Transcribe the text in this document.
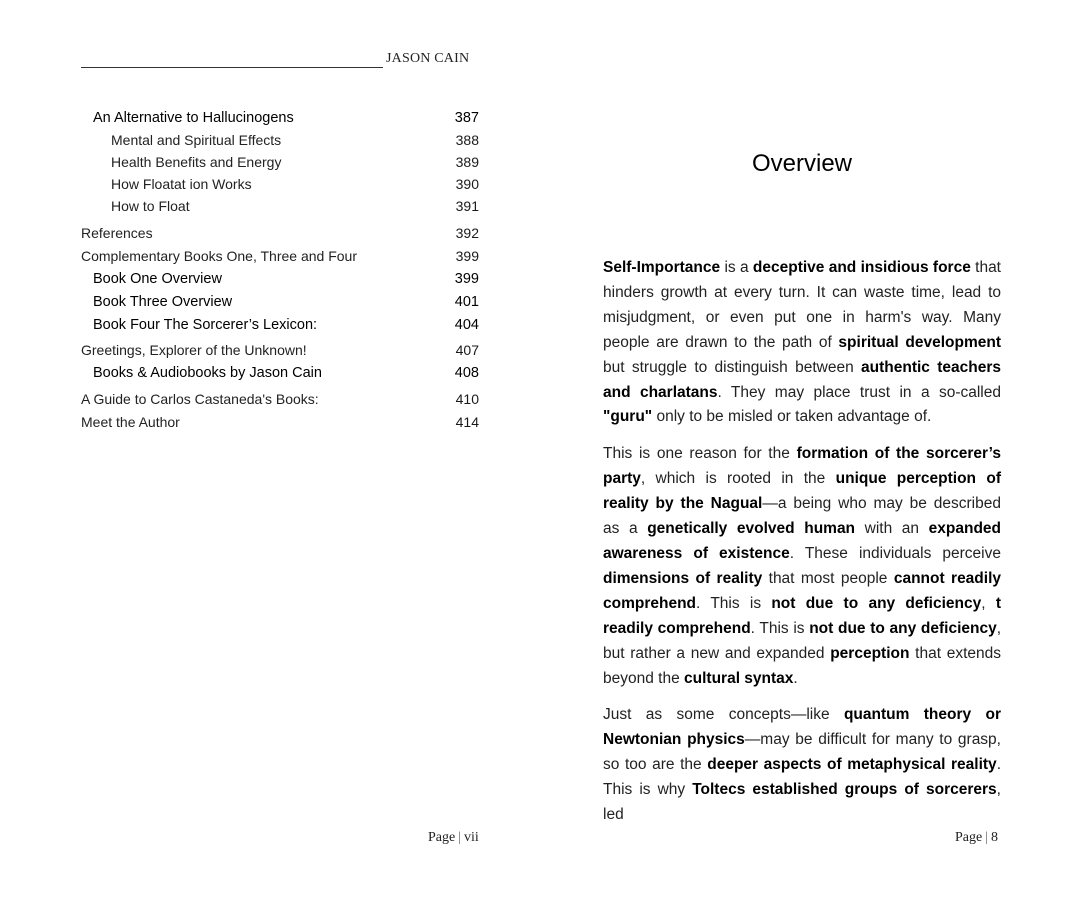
JASON CAIN
An Alternative to Hallucinogens	387
Mental and Spiritual Effects	388
Health Benefits and Energy	389
How Floatat ion Works	390
How to Float	391
References	392
Complementary Books One, Three and Four	399
Book One Overview	399
Book Three Overview	401
Book Four The Sorcerer’s Lexicon:	404
Greetings, Explorer of the Unknown!	407
Books & Audiobooks by Jason Cain	408
A Guide to Carlos Castaneda's Books:	410
Meet the Author	414
Page | vii
Overview

Self-Importance is a deceptive and insidious force that hinders growth at every turn. It can waste time, lead to misjudgment, or even put one in harm's way. Many people are drawn to the path of spiritual development but struggle to distinguish between authentic teachers and charlatans. They may place trust in a so-called "guru" only to be misled or taken advantage of.

This is one reason for the formation of the sorcerer’s party, which is rooted in the unique perception of reality by the Nagual—a being who may be described as a genetically evolved human with an expanded awareness of existence. These individuals perceive dimensions of reality that most people cannot readily comprehend. This is not due to any deficiency, t readily comprehend. This is not due to any deficiency, but rather a new and expanded perception that extends beyond the cultural syntax.

Just as some concepts—like quantum theory or Newtonian physics—may be difficult for many to grasp, so too are the deeper aspects of metaphysical reality. This is why Toltecs established groups of sorcerers, led

Page | 8
